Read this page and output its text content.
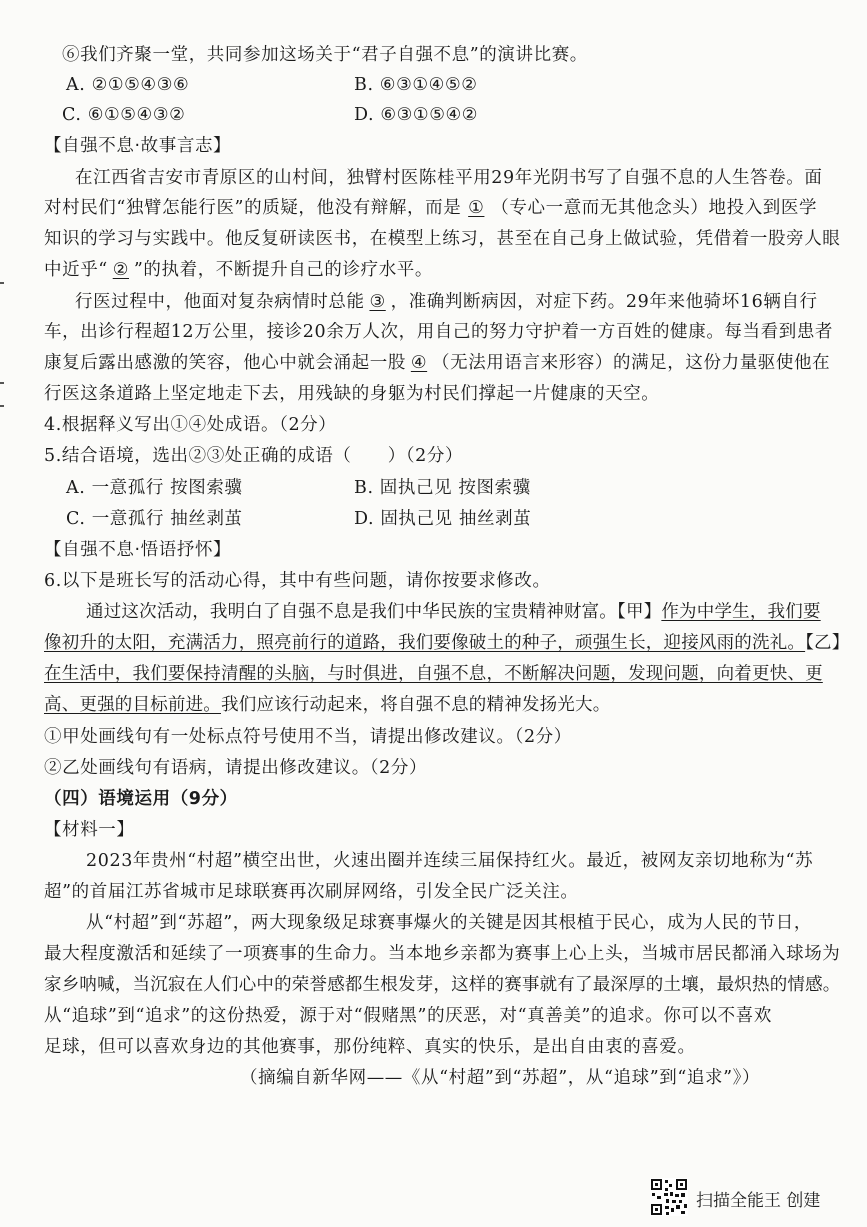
⑥我们齐聚一堂，共同参加这场关于“君子自强不息”的演讲比赛。
A. ②①⑤④③⑥	B. ⑥③①④⑤②
C. ⑥①⑤④③②	D. ⑥③①⑤④②
【自强不息·故事言志】
在江西省吉安市青原区的山村间，独臂村医陈桂平用29年光阴书写了自强不息的人生答卷。面
对村民们“独臂怎能行医”的质疑，他没有辩解，而是 ① （专心一意而无其他念头）地投入到医学
知识的学习与实践中。他反复研读医书，在模型上练习，甚至在自己身上做试验，凭借着一股旁人眼
中近乎“ ② ”的执着，不断提升自己的诊疗水平。
行医过程中，他面对复杂病情时总能 ③ ，准确判断病因，对症下药。29年来他骑坏16辆自行
车，出诊行程超12万公里，接诊20余万人次，用自己的努力守护着一方百姓的健康。每当看到患者
康复后露出感激的笑容，他心中就会涌起一股 ④ （无法用语言来形容）的满足，这份力量驱使他在
行医这条道路上坚定地走下去，用残缺的身躯为村民们撑起一片健康的天空。
4.根据释义写出①④处成语。（2分）
5.结合语境，选出②③处正确的成语（　　）（2分）
A. 一意孤行 按图索骥	B. 固执己见 按图索骥
C. 一意孤行 抽丝剥茧	D. 固执己见 抽丝剥茧
【自强不息·悟语抒怀】
6.以下是班长写的活动心得，其中有些问题，请你按要求修改。
通过这次活动，我明白了自强不息是我们中华民族的宝贵精神财富。【甲】作为中学生，我们要
像初升的太阳，充满活力，照亮前行的道路，我们要像破土的种子，顽强生长，迎接风雨的洗礼。【乙】
在生活中，我们要保持清醒的头脑，与时俱进，自强不息，不断解决问题，发现问题，向着更快、更
高、更强的目标前进。我们应该行动起来，将自强不息的精神发扬光大。
①甲处画线句有一处标点符号使用不当，请提出修改建议。（2分）
②乙处画线句有语病，请提出修改建议。（2分）
（四）语境运用（9分）
【材料一】
2023年贵州“村超”横空出世，火速出圈并连续三届保持红火。最近，被网友亲切地称为“苏
超”的首届江苏省城市足球联赛再次刷屏网络，引发全民广泛关注。
从“村超”到“苏超”，两大现象级足球赛事爆火的关键是因其根植于民心，成为人民的节日，
最大程度激活和延续了一项赛事的生命力。当本地乡亲都为赛事上心上头，当城市居民都涌入球场为
家乡呐喊，当沉寂在人们心中的荣誉感都生根发芽，这样的赛事就有了最深厚的土壤，最炽热的情感。
从“追球”到“追求”的这份热爱，源于对“假赌黑”的厌恶，对“真善美”的追求。你可以不喜欢
足球，但可以喜欢身边的其他赛事，那份纯粹、真实的快乐，是出自由衷的喜爱。
（摘编自新华网——《从“村超”到“苏超”，从“追球”到“追求”》）
扫描全能王 创建
